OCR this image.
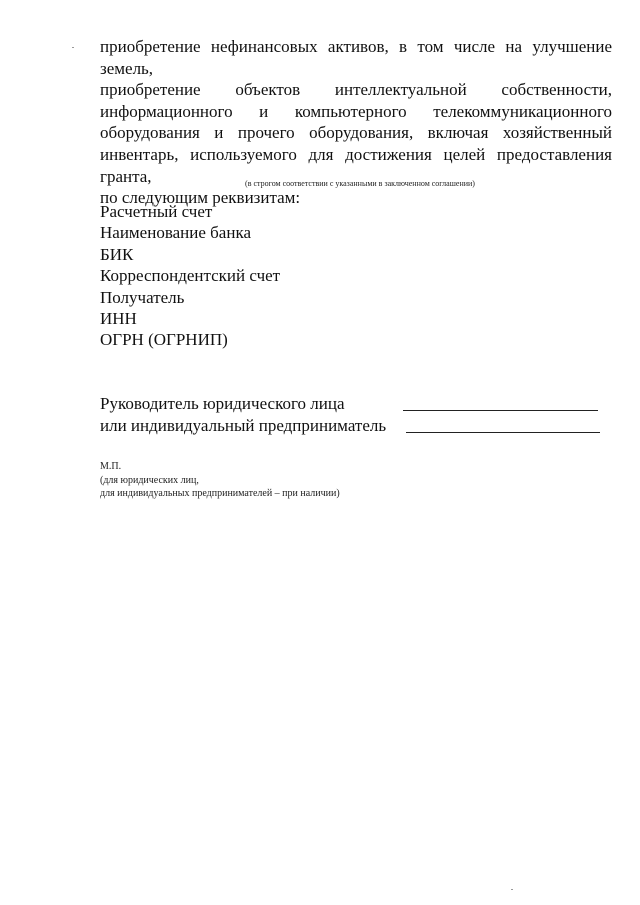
приобретение нефинансовых активов, в том числе на улучшение земель,
приобретение объектов интеллектуальной собственности,
информационного и компьютерного телекоммуникационного
оборудования и прочего оборудования, включая хозяйственный
инвентарь, используемого для достижения целей предоставления гранта,
по следующим реквизитам:
(в строгом соответствии с указанными в заключенном соглашении)
Расчетный счет
Наименование банка
БИК
Корреспондентский счет
Получатель
ИНН
ОГРН (ОГРНИП)
Руководитель юридического лица
или индивидуальный предприниматель
М.П.
(для юридических лиц,
для индивидуальных предпринимателей – при наличии)
